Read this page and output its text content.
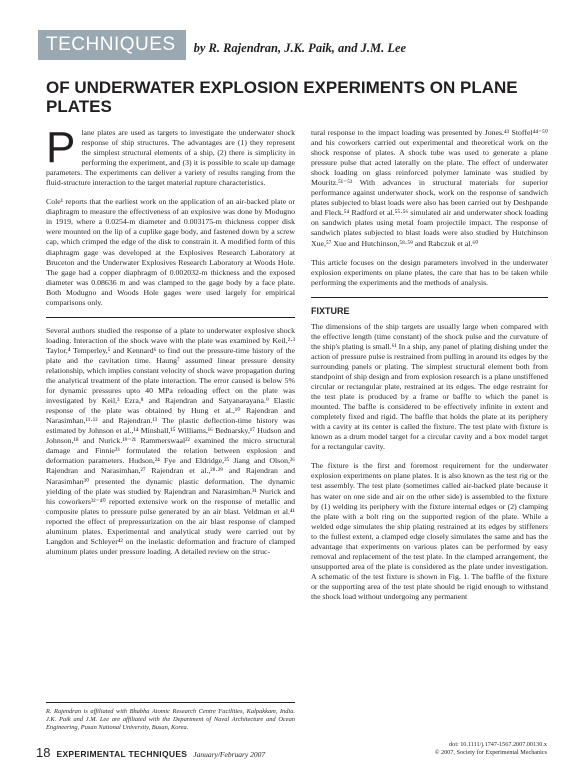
TECHNIQUES	by R. Rajendran, J.K. Paik, and J.M. Lee
OF UNDERWATER EXPLOSION EXPERIMENTS ON PLANE PLATES

Plane plates are used as targets to investigate the underwater shock response of ship structures. The advantages are (1) they represent the simplest structural elements of a ship, (2) there is simplicity in performing the experiment, and (3) it is possible to scale up damage parameters. The experiments can deliver a variety of results ranging from the fluid-structure interaction to the target material rupture characteristics.

Cole¹ reports that the earliest work on the application of an air-backed plate or diaphragm to measure the effectiveness of an explosive was done by Modugno in 1919, where a 0.0254-m diameter and 0.003175-m thickness copper disk were mounted on the lip of a cuplike gage body, and fastened down by a screw cap, which crimped the edge of the disk to constrain it. A modified form of this diaphragm gage was developed at the Explosives Research Laboratory at Bruceton and the Underwater Explosives Research Laboratory at Woods Hole. The gage had a copper diaphragm of 0.002032-m thickness and the exposed diameter was 0.08636 m and was clamped to the gage body by a face plate. Both Modugno and Woods Hole gages were used largely for empirical comparisons only.

Several authors studied the response of a plate to underwater explosive shock loading. Interaction of the shock wave with the plate was examined by Keil,²·³ Taylor,⁴ Temperley,⁵ and Kennard⁶ to find out the pressure-time history of the plate and the cavitation time. Haung⁷ assumed linear pressure density relationship, which implies constant velocity of shock wave propagation during the analytical treatment of the plate interaction. The error caused is below 5% for dynamic pressures upto 40 MPa reloading effect on the plate was investigated by Keil,³ Ezra,⁸ and Rajendran and Satyanarayana.⁹ Elastic response of the plate was obtained by Hung et al.,¹⁰ Rajendran and Narasimhan,¹¹·¹² and Rajendran.¹³ The plastic deflection-time history was estimated by Johnson et al.,¹⁴ Minshall,¹⁵ Williams,¹⁶ Bednarsky,¹⁷ Hudson and Johnson,¹⁸ and Nurick.¹⁹⁻²¹ Rammerswaal²² examined the micro structural damage and Finnie²³ formulated the relation between explosion and deformation parameters. Hudson,²⁴ Fye and Eldridge,²⁵ Jiang and Olson,²⁶ Rajendran and Narasimhan,²⁷ Rajendran et al.,²⁸·²⁹ and Rajendran and Narasimhan³⁰ presented the dynamic plastic deformation. The dynamic yielding of the plate was studied by Rajendran and Narasimhan.³¹ Nurick and his coworkers³²⁻⁴⁰ reported extensive work on the response of metallic and composite plates to pressure pulse generated by an air blast. Veldman et al.⁴¹ reported the effect of prepressurization on the air blast response of clamped aluminum plates. Experimental and analytical study were carried out by Langdon and Schleyer⁴² on the inelastic deformation and fracture of clamped aluminum plates under pressure loading. A detailed review on the struc-

tural response to the impact loading was presented by Jones.⁴³ Stoffel⁴⁴⁻⁵⁰ and his coworkers carried out experimental and theoretical work on the shock response of plates. A shock tube was used to generate a plane pressure pulse that acted laterally on the plate. The effect of underwater shock loading on glass reinforced polymer laminate was studied by Mouritz.⁵¹⁻⁵³ With advances in structural materials for superior performance against underwater shock, work on the response of sandwich plates subjected to blast loads were also has been carried out by Deshpande and Fleck.⁵⁴ Radford et al.⁵⁵·⁵⁶ simulated air and underwater shock loading on sandwich plates using metal foam projectile impact. The response of sandwich plates subjected to blast loads were also studied by Hutchinson Xue,⁵⁷ Xue and Hutchinson,⁵⁸·⁵⁹ and Rabczuk et al.⁶⁰

This article focuses on the design parameters involved in the underwater explosion experiments on plane plates, the care that has to be taken while performing the experiments and the methods of analysis.

FIXTURE

The dimensions of the ship targets are usually large when compared with the effective length (time constant) of the shock pulse and the curvature of the ship's plating is small.⁶¹ In a ship, any panel of plating dishing under the action of pressure pulse is restrained from pulling in around its edges by the surrounding panels or plating. The simplest structural element both from standpoint of ship design and from explosion research is a plane unstiffened circular or rectangular plate, restrained at its edges. The edge restraint for the test plate is produced by a frame or baffle to which the panel is mounted. The baffle is considered to be effectively infinite in extent and completely fixed and rigid. The baffle that holds the plate at its periphery with a cavity at its center is called the fixture. The test plate with fixture is known as a drum model target for a circular cavity and a box model target for a rectangular cavity.

The fixture is the first and foremost requirement for the underwater explosion experiments on plane plates. It is also known as the test rig or the test assembly. The test plate (sometimes called air-backed plate because it has water on one side and air on the other side) is assembled to the fixture by (1) welding its periphery with the fixture internal edges or (2) clamping the plate with a bolt ring on the supported region of the plate. While a welded edge simulates the ship plating restrained at its edges by stiffeners to the fullest extent, a clamped edge closely simulates the same and has the advantage that experiments on various plates can be performed by easy removal and replacement of the test plate. In the clamped arrangement, the unsupported area of the plate is considered as the plate under investigation. A schematic of the test fixture is shown in Fig. 1. The baffle of the fixture or the supporting area of the test plate should be rigid enough to withstand the shock load without undergoing any permanent

R. Rajendran is affiliated with Bhabha Atomic Research Centre Facilities, Kalpakkam, India. J.K. Paik and J.M. Lee are affiliated with the Department of Naval Architecture and Ocean Engineering, Pusan National University, Busan, Korea.
18 EXPERIMENTAL TECHNIQUES January/February 2007
doi: 10.1111/j.1747-1567.2007.00130.x
© 2007, Society for Experimental Mechanics
